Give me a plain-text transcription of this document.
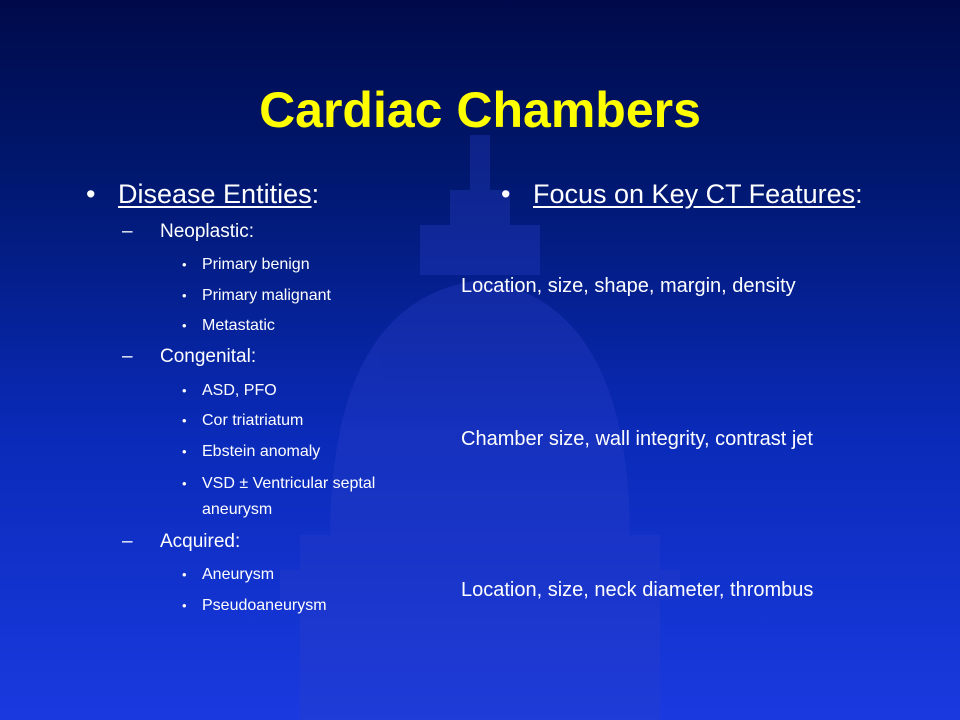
Cardiac Chambers
• Disease Entities:
– Neoplastic:
• Primary benign
• Primary malignant
• Metastatic
– Congenital:
• ASD, PFO
• Cor triatriatum
• Ebstein anomaly
• VSD ± Ventricular septal
aneurysm
– Acquired:
• Aneurysm
• Pseudoaneurysm
• Focus on Key CT Features:
Location, size, shape, margin, density
Chamber size, wall integrity, contrast jet
Location, size, neck diameter, thrombus
